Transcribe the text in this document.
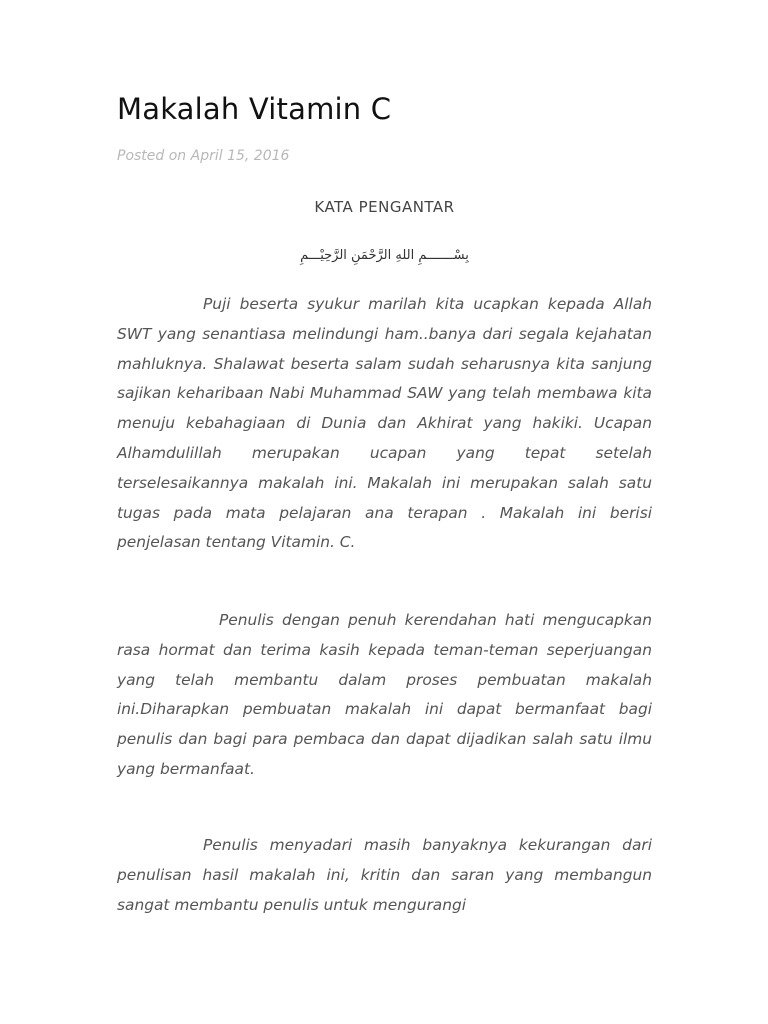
Makalah Vitamin C
Posted on April 15, 2016
KATA PENGANTAR
بِسْـــــــمِ اللهِ الرَّحْمَنِ الرَّحِيْـــمِ

Puji beserta syukur marilah kita ucapkan kepada Allah SWT yang senantiasa melindungi ham..banya dari segala kejahatan mahluknya. Shalawat beserta salam sudah seharusnya kita sanjung sajikan keharibaan Nabi Muhammad SAW yang telah membawa kita menuju kebahagiaan di Dunia dan Akhirat yang hakiki. Ucapan Alhamdulillah merupakan ucapan yang tepat setelah terselesaikannya makalah ini. Makalah ini merupakan salah satu tugas pada mata pelajaran ana terapan . Makalah ini berisi penjelasan tentang Vitamin. C.

Penulis dengan penuh kerendahan hati mengucapkan rasa hormat dan terima kasih kepada teman-teman seperjuangan yang telah membantu dalam proses pembuatan makalah ini.Diharapkan pembuatan makalah ini dapat bermanfaat bagi penulis dan bagi para pembaca dan dapat dijadikan salah satu ilmu yang bermanfaat.

Penulis menyadari masih banyaknya kekurangan dari penulisan hasil makalah ini, kritin dan saran yang membangun sangat membantu penulis untuk mengurangi
